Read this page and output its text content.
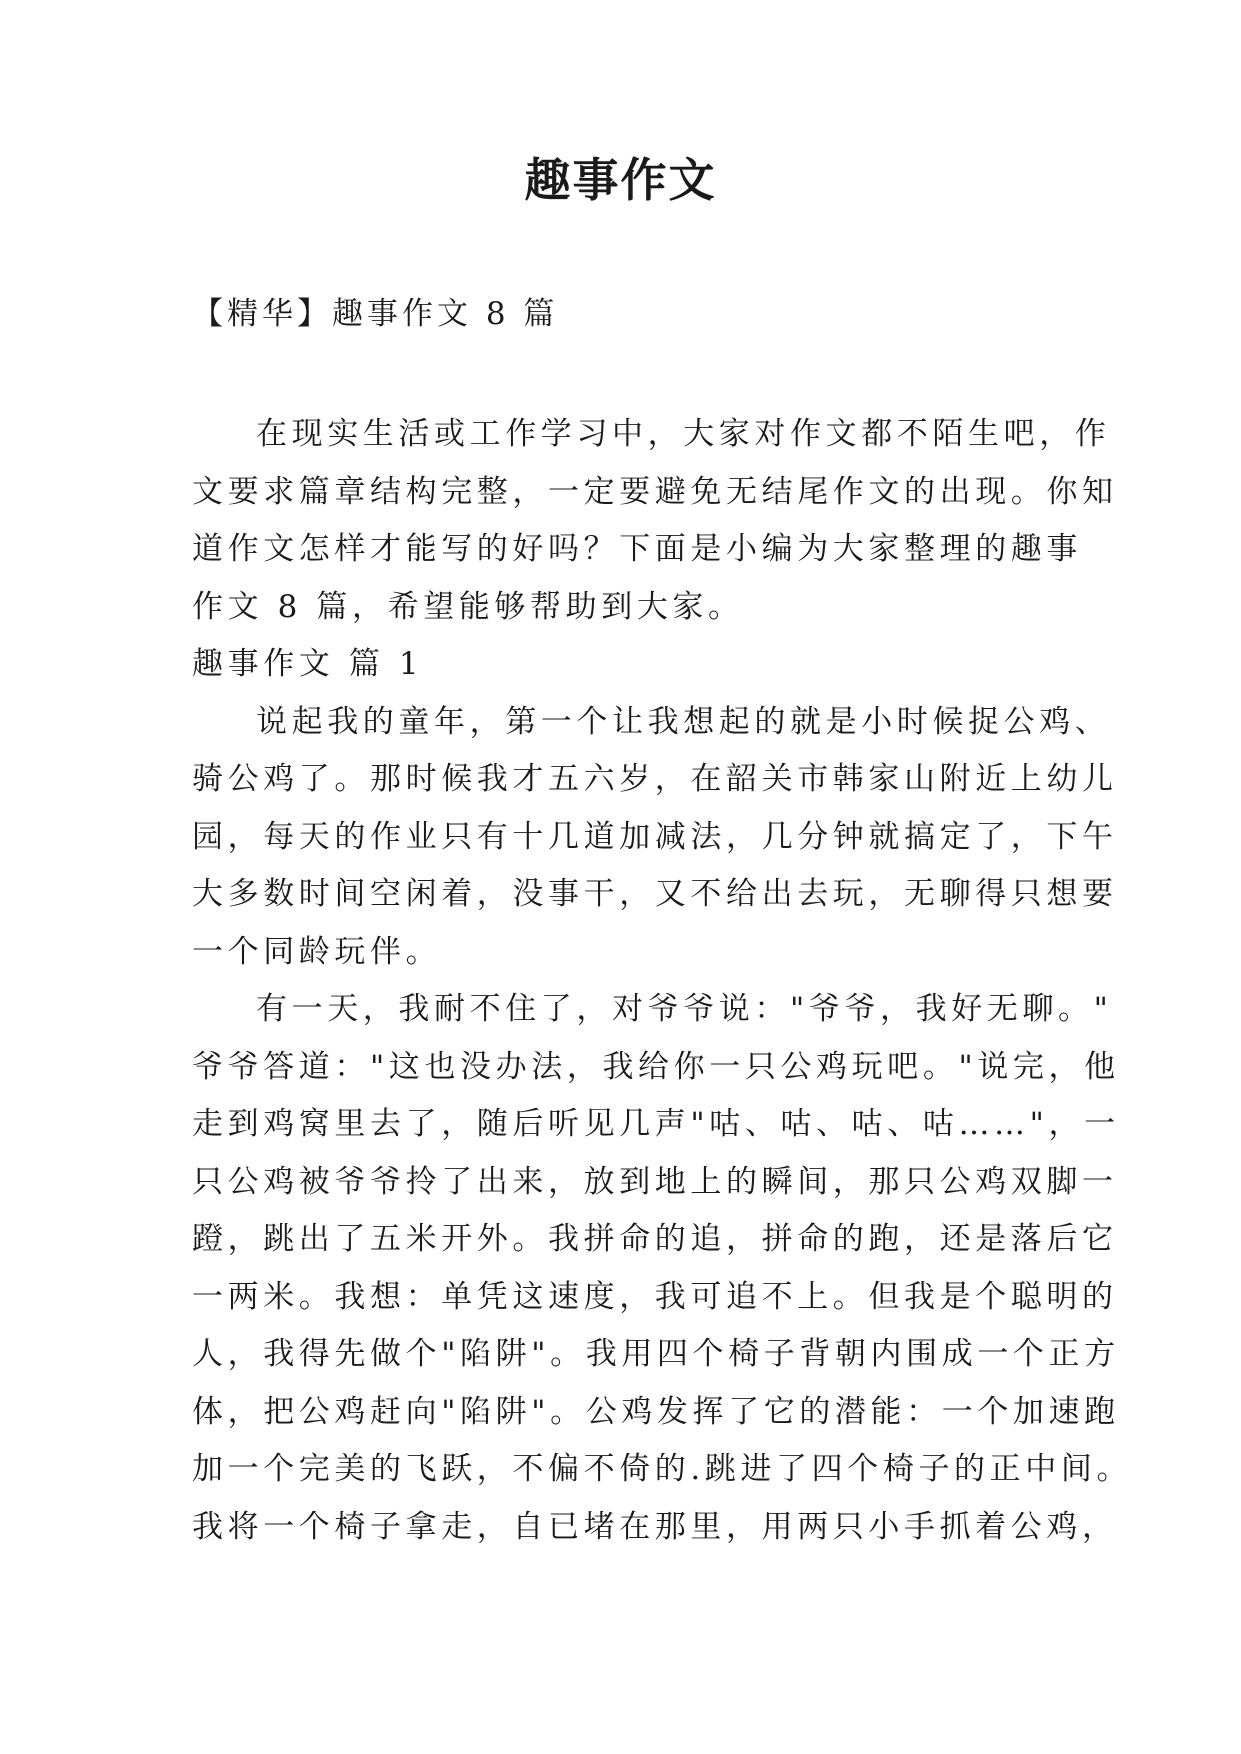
趣事作文
【精华】趣事作文 8 篇
在现实生活或工作学习中，大家对作文都不陌生吧，作
文要求篇章结构完整，一定要避免无结尾作文的出现。你知
道作文怎样才能写的好吗？下面是小编为大家整理的趣事
作文 8 篇，希望能够帮助到大家。
趣事作文 篇 1
说起我的童年，第一个让我想起的就是小时候捉公鸡、
骑公鸡了。那时候我才五六岁，在韶关市韩家山附近上幼儿
园，每天的作业只有十几道加减法，几分钟就搞定了，下午
大多数时间空闲着，没事干，又不给出去玩，无聊得只想要
一个同龄玩伴。
有一天，我耐不住了，对爷爷说："爷爷，我好无聊。"
爷爷答道："这也没办法，我给你一只公鸡玩吧。"说完，他
走到鸡窝里去了，随后听见几声"咕、咕、咕、咕……"，一
只公鸡被爷爷拎了出来，放到地上的瞬间，那只公鸡双脚一
蹬，跳出了五米开外。我拼命的追，拼命的跑，还是落后它
一两米。我想：单凭这速度，我可追不上。但我是个聪明的
人，我得先做个"陷阱"。我用四个椅子背朝内围成一个正方
体，把公鸡赶向"陷阱"。公鸡发挥了它的潜能：一个加速跑
加一个完美的飞跃，不偏不倚的.跳进了四个椅子的正中间。
我将一个椅子拿走，自已堵在那里，用两只小手抓着公鸡，
